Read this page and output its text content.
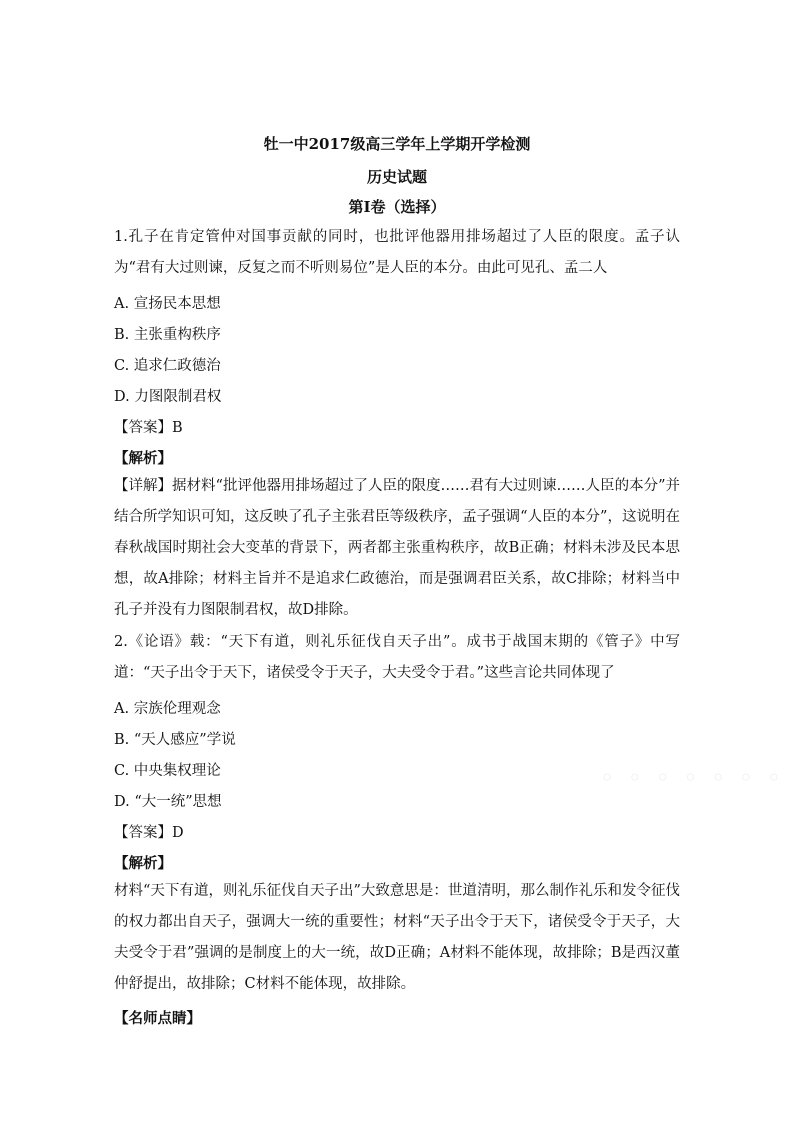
牡一中2017级高三学年上学期开学检测
历史试题
第Ⅰ卷（选择）

1.孔子在肯定管仲对国事贡献的同时，也批评他器用排场超过了人臣的限度。孟子认为“君有大过则谏，反复之而不听则易位”是人臣的本分。由此可见孔、孟二人

A. 宣扬民本思想
B. 主张重构秩序
C. 追求仁政德治
D. 力图限制君权
【答案】B
【解析】

【详解】据材料“批评他器用排场超过了人臣的限度……君有大过则谏……人臣的本分”并结合所学知识可知，这反映了孔子主张君臣等级秩序，孟子强调“人臣的本分”，这说明在春秋战国时期社会大变革的背景下，两者都主张重构秩序，故B正确；材料未涉及民本思想，故A排除；材料主旨并不是追求仁政德治，而是强调君臣关系，故C排除；材料当中孔子并没有力图限制君权，故D排除。

2.《论语》载：“天下有道，则礼乐征伐自天子出”。成书于战国末期的《管子》中写道：“天子出令于天下，诸侯受令于天子，大夫受令于君。”这些言论共同体现了

A. 宗族伦理观念
B. “天人感应”学说
C. 中央集权理论
D. “大一统”思想
【答案】D
【解析】

材料“天下有道，则礼乐征伐自天子出”大致意思是：世道清明，那么制作礼乐和发令征伐的权力都出自天子，强调大一统的重要性；材料“天子出令于天下，诸侯受令于天子，大夫受令于君”强调的是制度上的大一统，故D正确；A材料不能体现，故排除；B是西汉董仲舒提出，故排除；C材料不能体现，故排除。

【名师点睛】
◦ ◦ ◦ ◦ ◦ ◦ ◦
